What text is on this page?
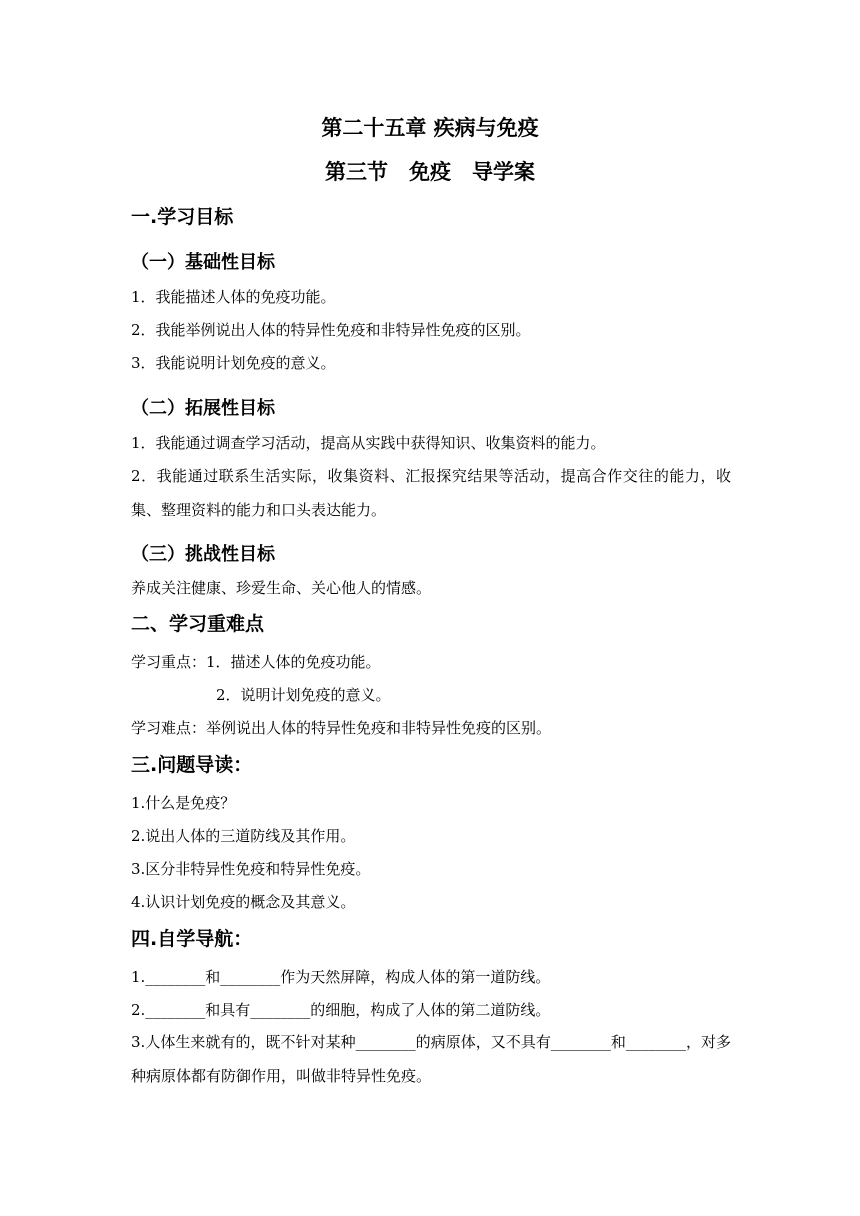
第二十五章 疾病与免疫
第三节　免疫　导学案
一.学习目标
（一）基础性目标
1．我能描述人体的免疫功能。
2．我能举例说出人体的特异性免疫和非特异性免疫的区别。
3．我能说明计划免疫的意义。
（二）拓展性目标
1．我能通过调查学习活动，提高从实践中获得知识、收集资料的能力。
2．我能通过联系生活实际，收集资料、汇报探究结果等活动，提高合作交往的能力，收集、整理资料的能力和口头表达能力。
（三）挑战性目标
养成关注健康、珍爱生命、关心他人的情感。
二、学习重难点
学习重点：1．描述人体的免疫功能。
2．说明计划免疫的意义。
学习难点：举例说出人体的特异性免疫和非特异性免疫的区别。
三.问题导读：
1.什么是免疫？
2.说出人体的三道防线及其作用。
3.区分非特异性免疫和特异性免疫。
4.认识计划免疫的概念及其意义。
四.自学导航：
1.________和________作为天然屏障，构成人体的第一道防线。
2.________和具有________的细胞，构成了人体的第二道防线。
3.人体生来就有的，既不针对某种________的病原体，又不具有________和________，对多种病原体都有防御作用，叫做非特异性免疫。
